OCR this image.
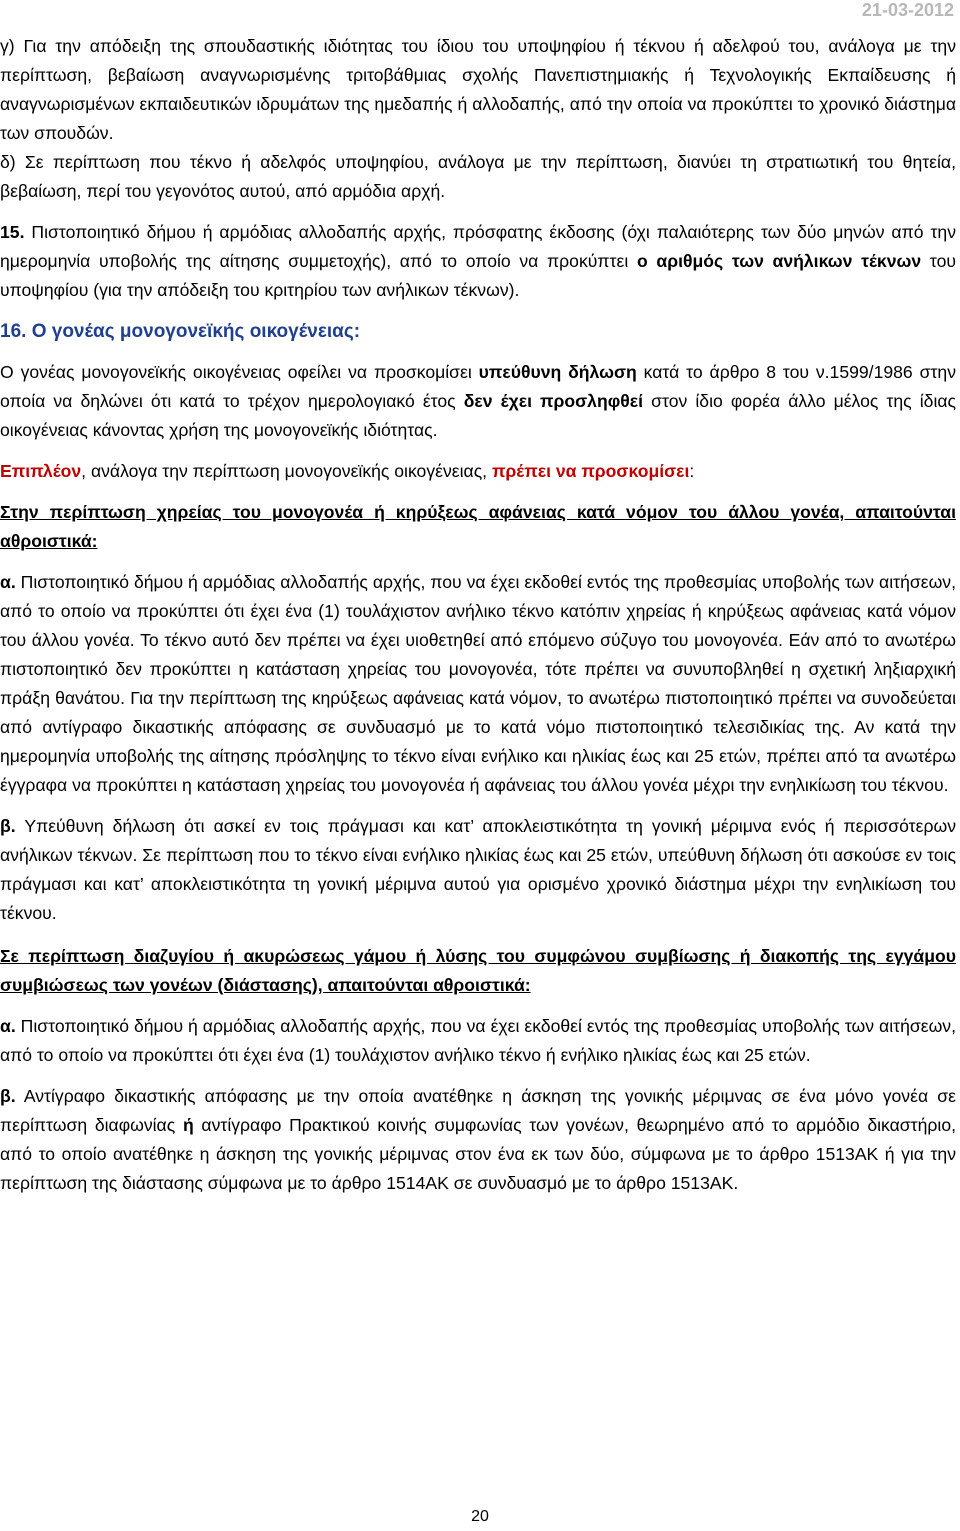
21-03-2012

γ) Για την απόδειξη της σπουδαστικής ιδιότητας του ίδιου του υποψηφίου ή τέκνου ή αδελφού του, ανάλογα με την περίπτωση, βεβαίωση αναγνωρισμένης τριτοβάθμιας σχολής Πανεπιστημιακής ή Τεχνολογικής Εκπαίδευσης ή αναγνωρισμένων εκπαιδευτικών ιδρυμάτων της ημεδαπής ή αλλοδαπής, από την οποία να προκύπτει το χρονικό διάστημα των σπουδών.

δ) Σε περίπτωση που τέκνο ή αδελφός υποψηφίου, ανάλογα με την περίπτωση, διανύει τη στρατιωτική του θητεία, βεβαίωση, περί του γεγονότος αυτού, από αρμόδια αρχή.

15. Πιστοποιητικό δήμου ή αρμόδιας αλλοδαπής αρχής, πρόσφατης έκδοσης (όχι παλαιότερης των δύο μηνών από την ημερομηνία υποβολής της αίτησης συμμετοχής), από το οποίο να προκύπτει ο αριθμός των ανήλικων τέκνων του υποψηφίου (για την απόδειξη του κριτηρίου των ανήλικων τέκνων).

16. Ο γονέας μονογονεϊκής οικογένειας:

Ο γονέας μονογονεϊκής οικογένειας οφείλει να προσκομίσει υπεύθυνη δήλωση κατά το άρθρο 8 του ν.1599/1986 στην οποία να δηλώνει ότι κατά το τρέχον ημερολογιακό έτος δεν έχει προσληφθεί στον ίδιο φορέα άλλο μέλος της ίδιας οικογένειας κάνοντας χρήση της μονογονεϊκής ιδιότητας.

Επιπλέον, ανάλογα την περίπτωση μονογονεϊκής οικογένειας, πρέπει να προσκομίσει:

Στην περίπτωση χηρείας του μονογονέα ή κηρύξεως αφάνειας κατά νόμον του άλλου γονέα, απαιτούνται αθροιστικά:

α. Πιστοποιητικό δήμου ή αρμόδιας αλλοδαπής αρχής, που να έχει εκδοθεί εντός της προθεσμίας υποβολής των αιτήσεων, από το οποίο να προκύπτει ότι έχει ένα (1) τουλάχιστον ανήλικο τέκνο κατόπιν χηρείας ή κηρύξεως αφάνειας κατά νόμον του άλλου γονέα. Το τέκνο αυτό δεν πρέπει να έχει υιοθετηθεί από επόμενο σύζυγο του μονογονέα. Εάν από το ανωτέρω πιστοποιητικό δεν προκύπτει η κατάσταση χηρείας του μονογονέα, τότε πρέπει να συνυποβληθεί η σχετική ληξιαρχική πράξη θανάτου. Για την περίπτωση της κηρύξεως αφάνειας κατά νόμον, το ανωτέρω πιστοποιητικό πρέπει να συνοδεύεται από αντίγραφο δικαστικής απόφασης σε συνδυασμό με το κατά νόμο πιστοποιητικό τελεσιδικίας της. Αν κατά την ημερομηνία υποβολής της αίτησης πρόσληψης το τέκνο είναι ενήλικο και ηλικίας έως και 25 ετών, πρέπει από τα ανωτέρω έγγραφα να προκύπτει η κατάσταση χηρείας του μονογονέα ή αφάνειας του άλλου γονέα μέχρι την ενηλικίωση του τέκνου.

β. Υπεύθυνη δήλωση ότι ασκεί εν τοις πράγμασι και κατ’ αποκλειστικότητα τη γονική μέριμνα ενός ή περισσότερων ανήλικων τέκνων. Σε περίπτωση που το τέκνο είναι ενήλικο ηλικίας έως και 25 ετών, υπεύθυνη δήλωση ότι ασκούσε εν τοις πράγμασι και κατ’ αποκλειστικότητα τη γονική μέριμνα αυτού για ορισμένο χρονικό διάστημα μέχρι την ενηλικίωση του τέκνου.

Σε περίπτωση διαζυγίου ή ακυρώσεως γάμου ή λύσης του συμφώνου συμβίωσης ή διακοπής της εγγάμου συμβιώσεως των γονέων (διάστασης), απαιτούνται αθροιστικά:

α. Πιστοποιητικό δήμου ή αρμόδιας αλλοδαπής αρχής, που να έχει εκδοθεί εντός της προθεσμίας υποβολής των αιτήσεων, από το οποίο να προκύπτει ότι έχει ένα (1) τουλάχιστον ανήλικο τέκνο ή ενήλικο ηλικίας έως και 25 ετών.

β. Αντίγραφο δικαστικής απόφασης με την οποία ανατέθηκε η άσκηση της γονικής μέριμνας σε ένα μόνο γονέα σε περίπτωση διαφωνίας ή αντίγραφο Πρακτικού κοινής συμφωνίας των γονέων, θεωρημένο από το αρμόδιο δικαστήριο, από το οποίο ανατέθηκε η άσκηση της γονικής μέριμνας στον ένα εκ των δύο, σύμφωνα με το άρθρο 1513ΑΚ ή για την περίπτωση της διάστασης σύμφωνα με το άρθρο 1514ΑΚ σε συνδυασμό με το άρθρο 1513ΑΚ.

20
